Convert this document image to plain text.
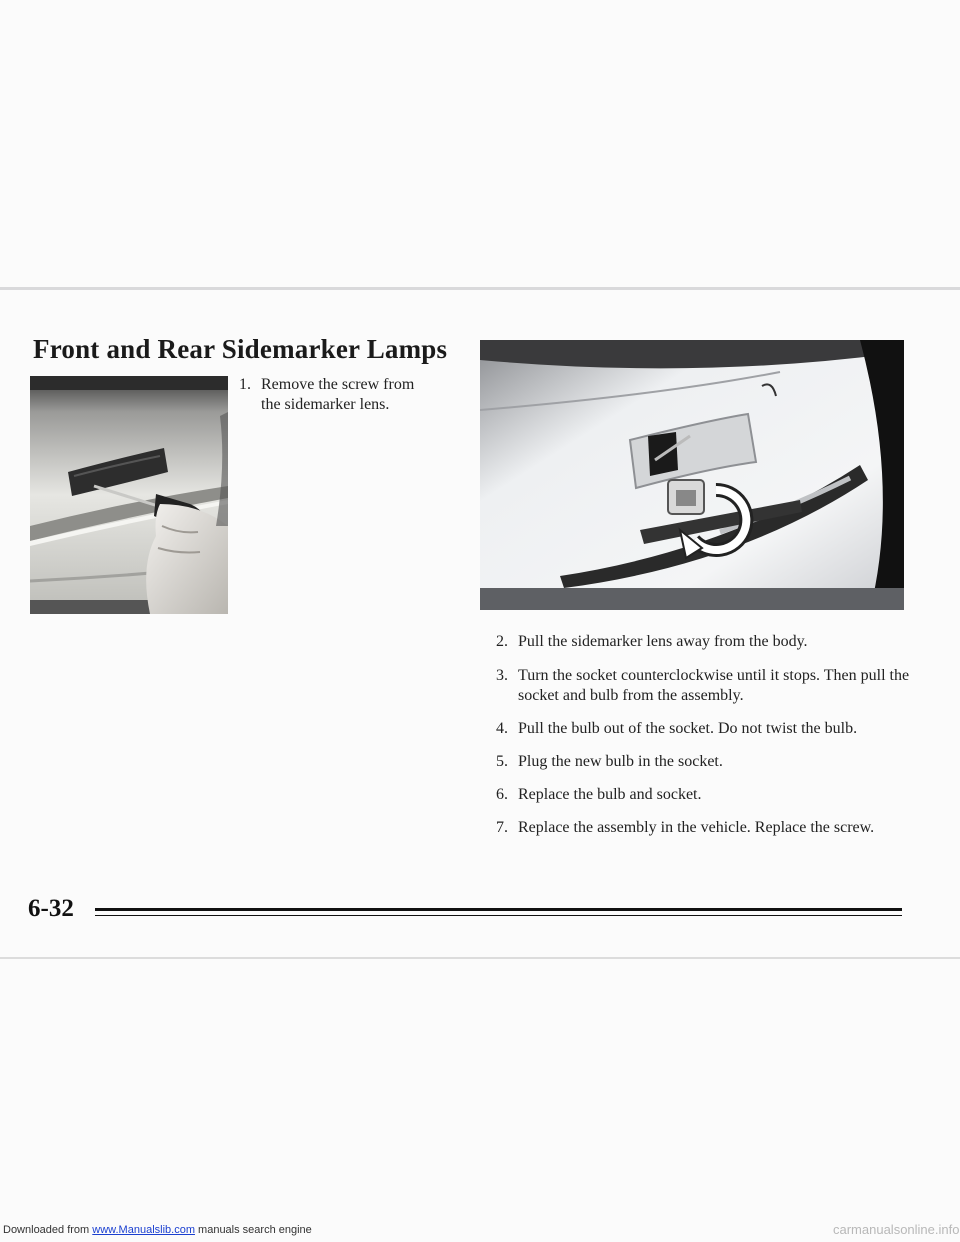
Front and Rear Sidemarker Lamps
1. Remove the screw from the sidemarker lens.
2. Pull the sidemarker lens away from the body.
3. Turn the socket counterclockwise until it stops. Then pull the socket and bulb from the assembly.
4. Pull the bulb out of the socket. Do not twist the bulb.
5. Plug the new bulb in the socket.
6. Replace the bulb and socket.
7. Replace the assembly in the vehicle. Replace the screw.
6-32
Downloaded from www.Manualslib.com manuals search engine	carmanualsonline.info
